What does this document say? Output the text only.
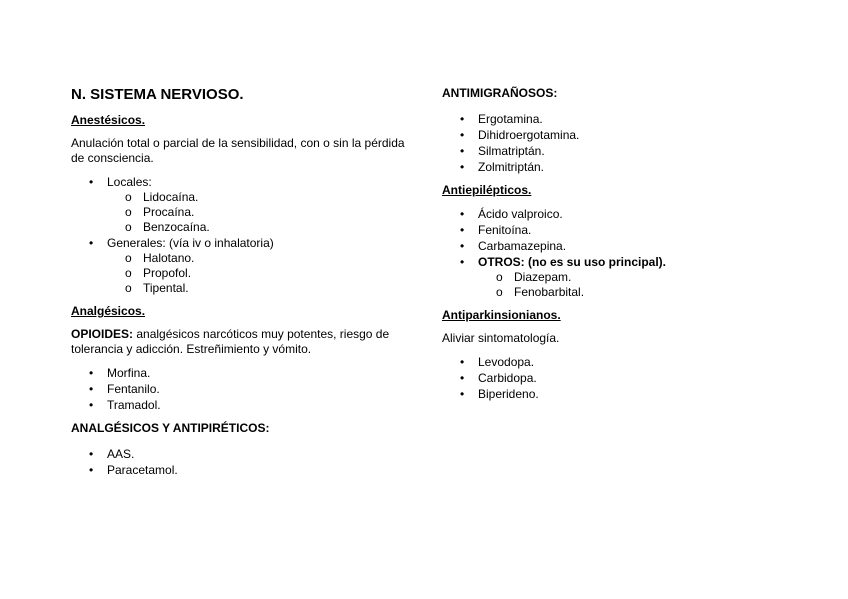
N. SISTEMA NERVIOSO.
Anestésicos.
Anulación total o parcial de la sensibilidad, con o sin la pérdida de consciencia.
• Locales:
o Lidocaína.
o Procaína.
o Benzocaína.
• Generales: (vía iv o inhalatoria)
o Halotano.
o Propofol.
o Tipental.
Analgésicos.
OPIOIDES: analgésicos narcóticos muy potentes, riesgo de tolerancia y adicción. Estreñimiento y vómito.
• Morfina.
• Fentanilo.
• Tramadol.
ANALGÉSICOS Y ANTIPIRÉTICOS:
• AAS.
• Paracetamol.
ANTIMIGRAÑOSOS:
• Ergotamina.
• Dihidroergotamina.
• Silmatriptán.
• Zolmitriptán.
Antiepilépticos.
• Ácido valproico.
• Fenitoína.
• Carbamazepina.
• OTROS: (no es su uso principal).
o Diazepam.
o Fenobarbital.
Antiparkinsionianos.
Aliviar sintomatología.
• Levodopa.
• Carbidopa.
• Biperideno.
